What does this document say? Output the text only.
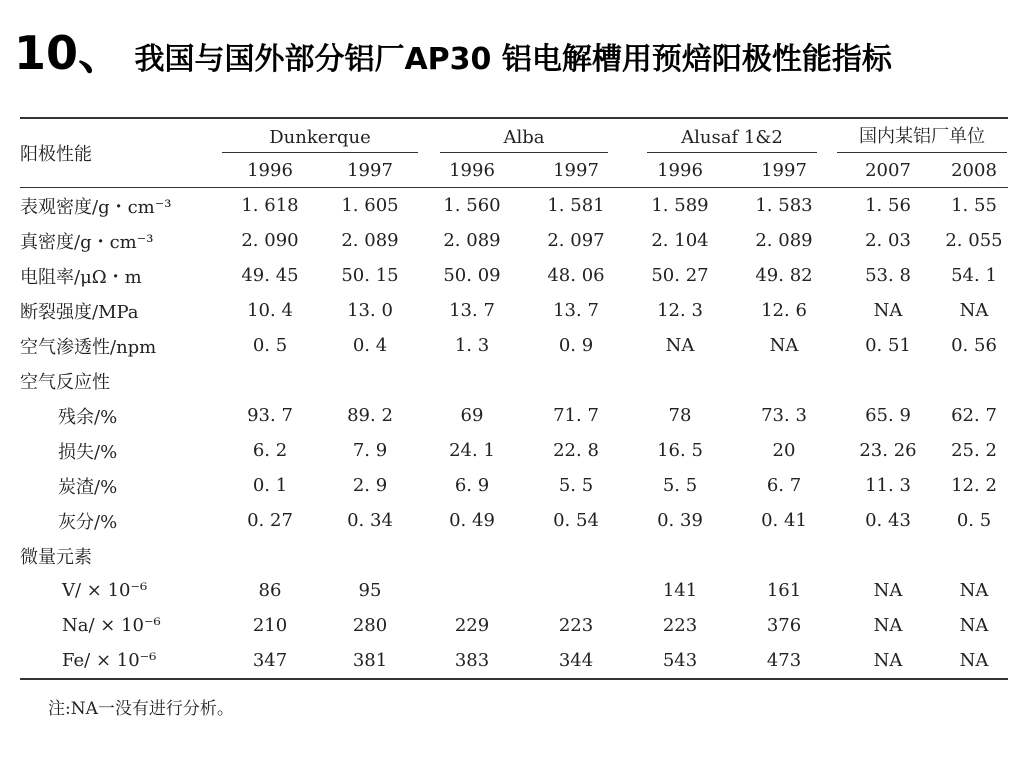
10、 我国与国外部分铝厂AP30 铝电解槽用预焙阳极性能指标
阳极性能	Dunkerque		Alba		Alusaf 1&2		国内某铝厂单位	
	1996	1997	1996	1997	1996	1997	2007	2008
表观密度/g・cm⁻³	1. 618	1. 605	1. 560	1. 581	1. 589	1. 583	1. 56	1. 55
真密度/g・cm⁻³	2. 090	2. 089	2. 089	2. 097	2. 104	2. 089	2. 03	2. 055
电阻率/μΩ・m	49. 45	50. 15	50. 09	48. 06	50. 27	49. 82	53. 8	54. 1
断裂强度/MPa	10. 4	13. 0	13. 7	13. 7	12. 3	12. 6	NA	NA
空气渗透性/npm	0. 5	0. 4	1. 3	0. 9	NA	NA	0. 51	0. 56
空气反应性								
残余/%	93. 7	89. 2	69	71. 7	78	73. 3	65. 9	62. 7
损失/%	6. 2	7. 9	24. 1	22. 8	16. 5	20	23. 26	25. 2
炭渣/%	0. 1	2. 9	6. 9	5. 5	5. 5	6. 7	11. 3	12. 2
灰分/%	0. 27	0. 34	0. 49	0. 54	0. 39	0. 41	0. 43	0. 5
微量元素								
V/ × 10⁻⁶	86	95			141	161	NA	NA
Na/ × 10⁻⁶	210	280	229	223	223	376	NA	NA
Fe/ × 10⁻⁶	347	381	383	344	543	473	NA	NA
注:NA一没有进行分析。
